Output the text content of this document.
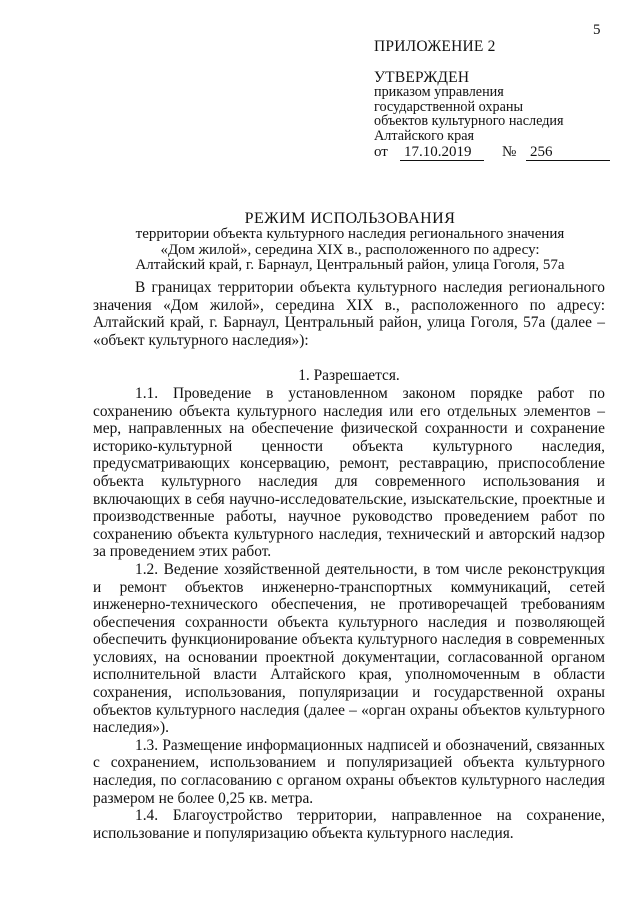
5
ПРИЛОЖЕНИЕ 2
УТВЕРЖДЕН
приказом управления
государственной охраны
объектов культурного наследия
Алтайского края
от 17.10.2019 № 256
РЕЖИМ ИСПОЛЬЗОВАНИЯ
территории объекта культурного наследия регионального значения
«Дом жилой», середина XIX в., расположенного по адресу:
Алтайский край, г. Барнаул, Центральный район, улица Гоголя, 57а

В границах территории объекта культурного наследия регионального значения «Дом жилой», середина XIX в., расположенного по адресу: Алтайский край, г. Барнаул, Центральный район, улица Гоголя, 57а (далее – «объект культурного наследия»):

1. Разрешается.

1.1. Проведение в установленном законом порядке работ по сохранению объекта культурного наследия или его отдельных элементов – мер, направленных на обеспечение физической сохранности и сохранение историко-культурной ценности объекта культурного наследия, предусматривающих консервацию, ремонт, реставрацию, приспособление объекта культурного наследия для современного использования и включающих в себя научно-исследовательские, изыскательские, проектные и производственные работы, научное руководство проведением работ по сохранению объекта культурного наследия, технический и авторский надзор за проведением этих работ.

1.2. Ведение хозяйственной деятельности, в том числе реконструкция и ремонт объектов инженерно-транспортных коммуникаций, сетей инженерно-технического обеспечения, не противоречащей требованиям обеспечения сохранности объекта культурного наследия и позволяющей обеспечить функционирование объекта культурного наследия в современных условиях, на основании проектной документации, согласованной органом исполнительной власти Алтайского края, уполномоченным в области сохранения, использования, популяризации и государственной охраны объектов культурного наследия (далее – «орган охраны объектов культурного наследия»).

1.3. Размещение информационных надписей и обозначений, связанных с сохранением, использованием и популяризацией объекта культурного наследия, по согласованию с органом охраны объектов культурного наследия размером не более 0,25 кв. метра.

1.4. Благоустройство территории, направленное на сохранение, использование и популяризацию объекта культурного наследия.
